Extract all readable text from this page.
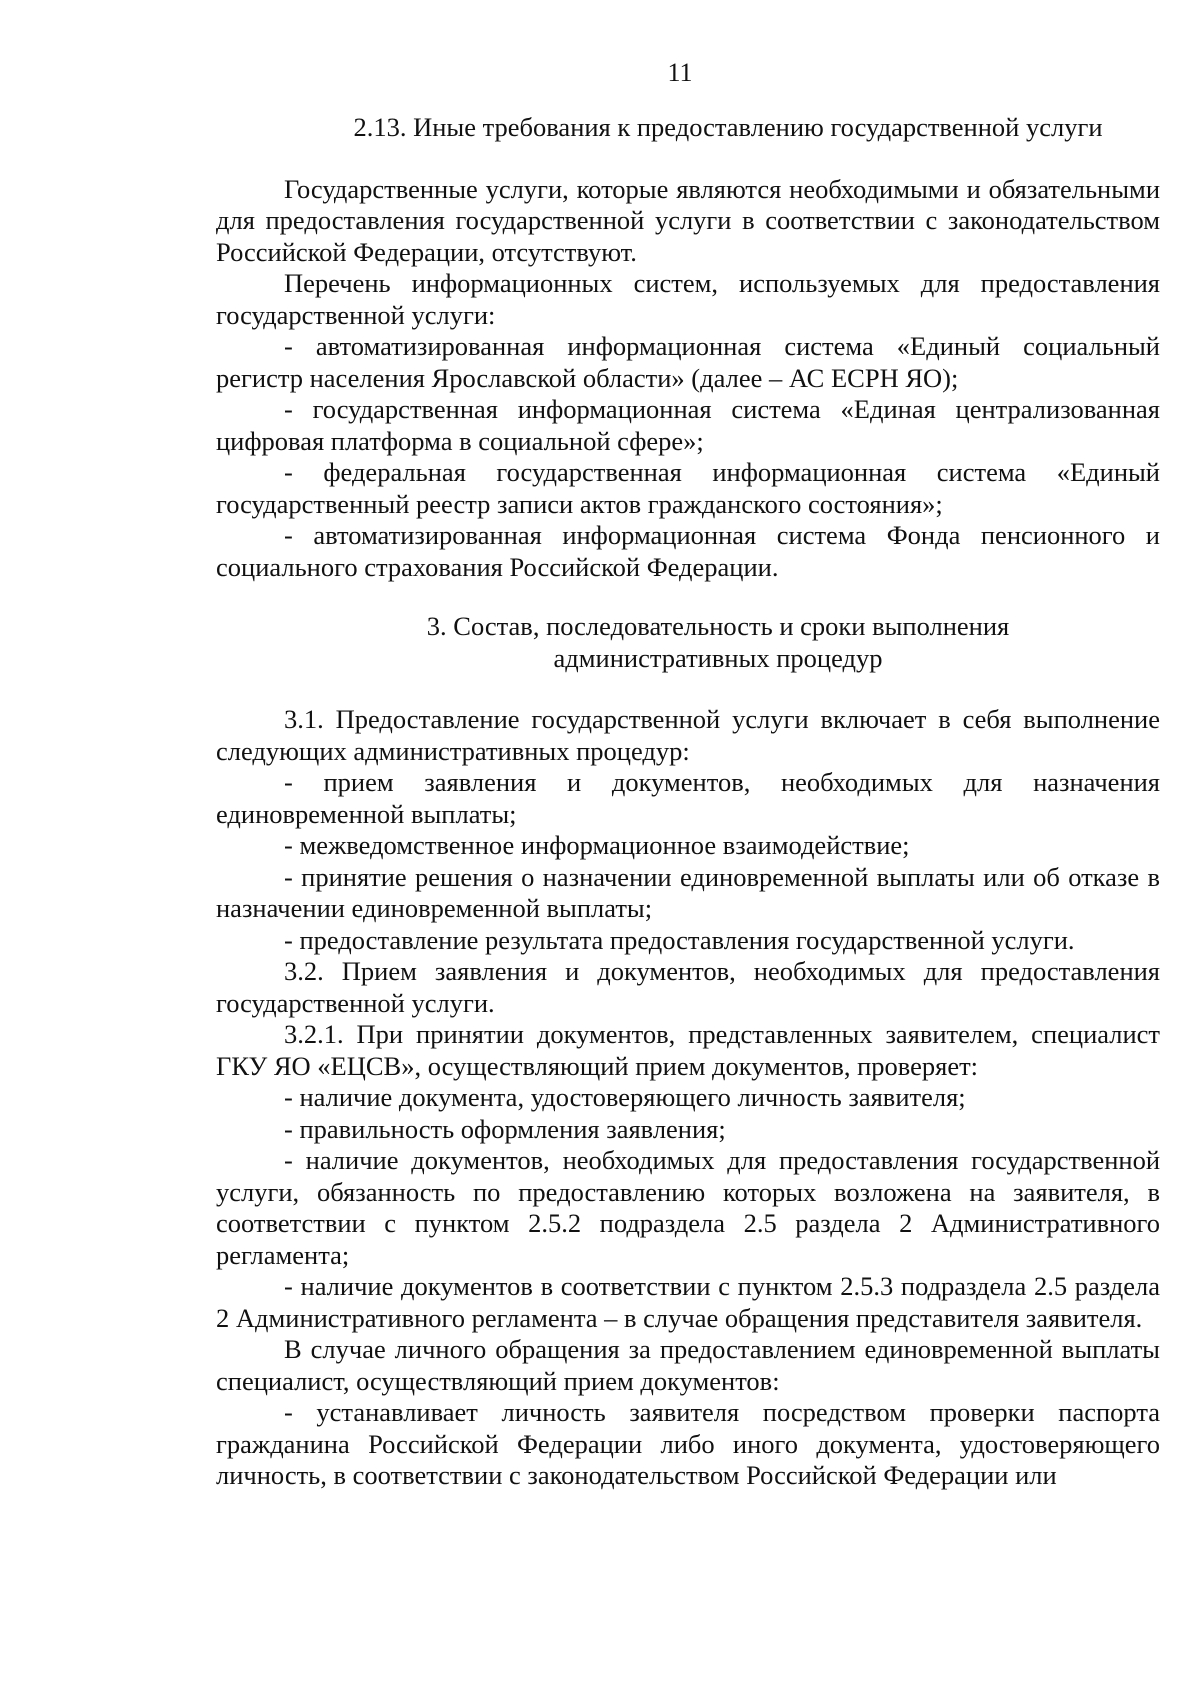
11
2.13. Иные требования к предоставлению государственной услуги

Государственные услуги, которые являются необходимыми и обязательными для предоставления государственной услуги в соответствии с законодательством Российской Федерации, отсутствуют.

Перечень информационных систем, используемых для предоставления государственной услуги:

- автоматизированная информационная система «Единый социальный регистр населения Ярославской области» (далее – АС ЕСРН ЯО);

- государственная информационная система «Единая централизованная цифровая платформа в социальной сфере»;

- федеральная государственная информационная система «Единый государственный реестр записи актов гражданского состояния»;

- автоматизированная информационная система Фонда пенсионного и социального страхования Российской Федерации.

3. Состав, последовательность и сроки выполнения
административных процедур

3.1. Предоставление государственной услуги включает в себя выполнение следующих административных процедур:

- прием заявления и документов, необходимых для назначения единовременной выплаты;

- межведомственное информационное взаимодействие;

- принятие решения о назначении единовременной выплаты или об отказе в назначении единовременной выплаты;

- предоставление результата предоставления государственной услуги.

3.2. Прием заявления и документов, необходимых для предоставления государственной услуги.

3.2.1. При принятии документов, представленных заявителем, специалист ГКУ ЯО «ЕЦСВ», осуществляющий прием документов, проверяет:

- наличие документа, удостоверяющего личность заявителя;

- правильность оформления заявления;

- наличие документов, необходимых для предоставления государственной услуги, обязанность по предоставлению которых возложена на заявителя, в соответствии с пунктом 2.5.2 подраздела 2.5 раздела 2 Административного регламента;

- наличие документов в соответствии с пунктом 2.5.3 подраздела 2.5 раздела 2 Административного регламента – в случае обращения представителя заявителя.

В случае личного обращения за предоставлением единовременной выплаты специалист, осуществляющий прием документов:

- устанавливает личность заявителя посредством проверки паспорта гражданина Российской Федерации либо иного документа, удостоверяющего личность, в соответствии с законодательством Российской Федерации или
